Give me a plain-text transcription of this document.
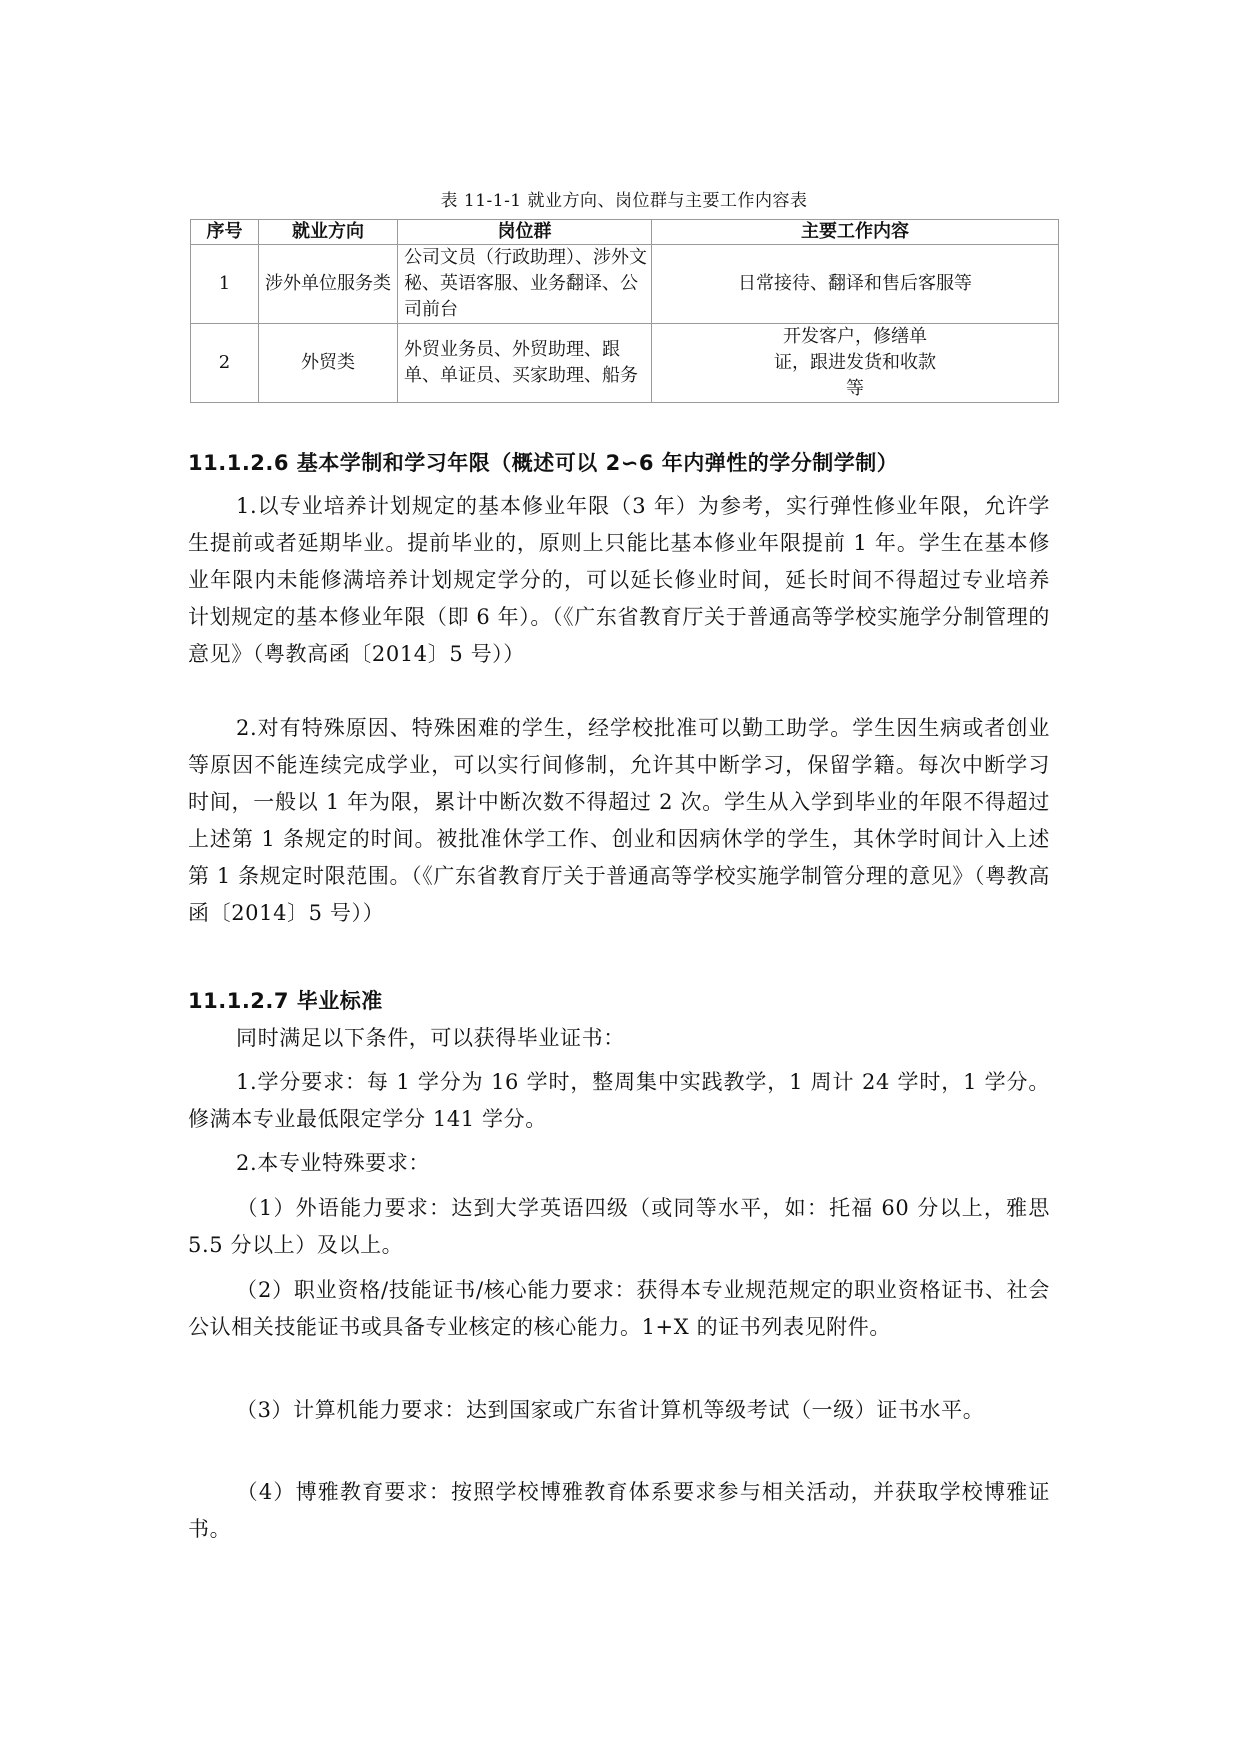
表 11-1-1 就业方向、岗位群与主要工作内容表
序号	就业方向	岗位群	主要工作内容
1	涉外单位服务类	公司文员（行政助理）、涉外文秘、英语客服、业务翻译、公司前台	日常接待、翻译和售后客服等
2	外贸类	外贸业务员、外贸助理、跟单、单证员、买家助理、船务	开发客户，修缮单证，跟进发货和收款等
11.1.2.6 基本学制和学习年限（概述可以 2∽6 年内弹性的学分制学制）

1.以专业培养计划规定的基本修业年限（3 年）为参考，实行弹性修业年限，允许学生提前或者延期毕业。提前毕业的，原则上只能比基本修业年限提前 1 年。学生在基本修业年限内未能修满培养计划规定学分的，可以延长修业时间，延长时间不得超过专业培养计划规定的基本修业年限（即 6 年）。（《广东省教育厅关于普通高等学校实施学分制管理的意见》（粤教高函〔2014〕5 号））

2.对有特殊原因、特殊困难的学生，经学校批准可以勤工助学。学生因生病或者创业等原因不能连续完成学业，可以实行间修制，允许其中断学习，保留学籍。每次中断学习时间，一般以 1 年为限，累计中断次数不得超过 2 次。学生从入学到毕业的年限不得超过上述第 1 条规定的时间。被批准休学工作、创业和因病休学的学生，其休学时间计入上述第 1 条规定时限范围。（《广东省教育厅关于普通高等学校实施学制管分理的意见》（粤教高函〔2014〕5 号））

11.1.2.7 毕业标准

同时满足以下条件，可以获得毕业证书：

1.学分要求：每 1 学分为 16 学时，整周集中实践教学，1 周计 24 学时，1 学分。修满本专业最低限定学分 141 学分。

2.本专业特殊要求：

（1）外语能力要求：达到大学英语四级（或同等水平，如：托福 60 分以上，雅思 5.5 分以上）及以上。

（2）职业资格/技能证书/核心能力要求：获得本专业规范规定的职业资格证书、社会公认相关技能证书或具备专业核定的核心能力。1+X 的证书列表见附件。

（3）计算机能力要求：达到国家或广东省计算机等级考试（一级）证书水平。

（4）博雅教育要求：按照学校博雅教育体系要求参与相关活动，并获取学校博雅证书。
